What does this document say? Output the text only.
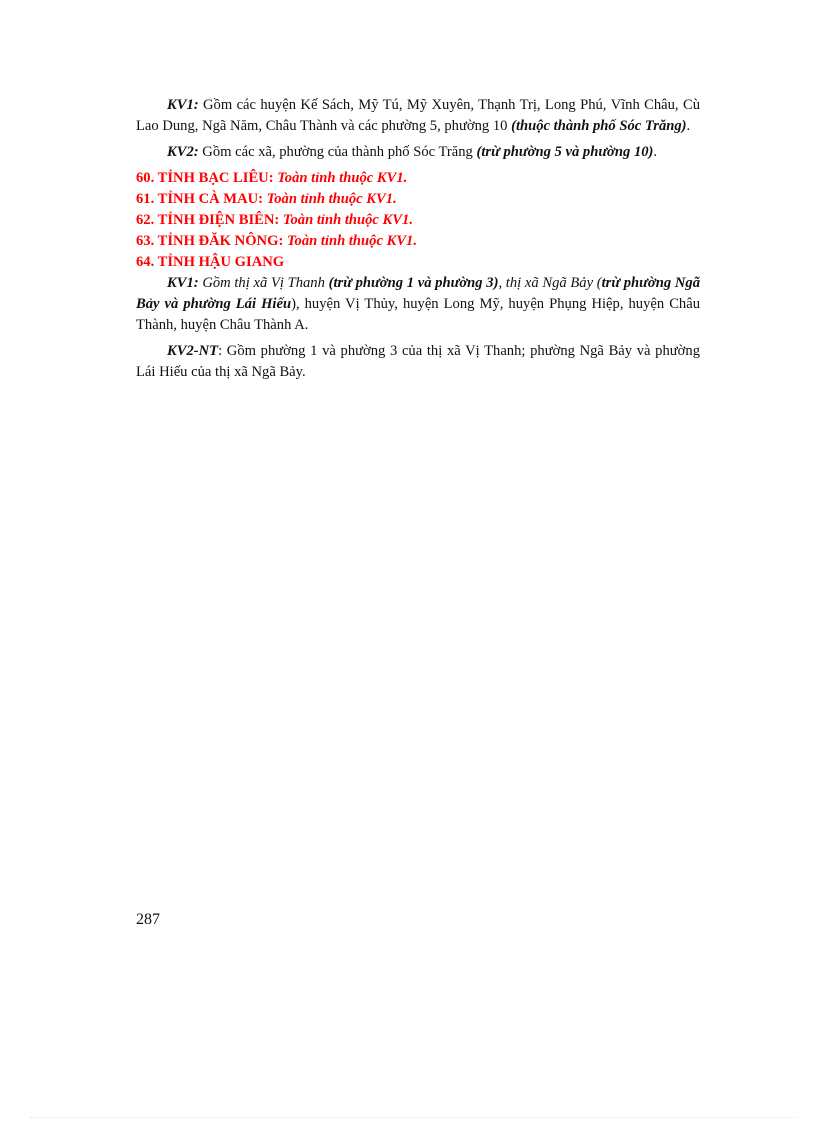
KV1: Gồm các huyện Kế Sách, Mỹ Tú, Mỹ Xuyên, Thạnh Trị, Long Phú, Vĩnh Châu, Cù Lao Dung, Ngã Năm, Châu Thành và các phường 5, phường 10 (thuộc thành phố Sóc Trăng).

KV2: Gồm các xã, phường của thành phố Sóc Trăng (trừ phường 5 và phường 10).

60. TỈNH BẠC LIÊU: Toàn tỉnh thuộc KV1.
61. TỈNH CÀ MAU: Toàn tỉnh thuộc KV1.
62. TỈNH ĐIỆN BIÊN: Toàn tỉnh thuộc KV1.
63. TỈNH ĐĂK NÔNG: Toàn tỉnh thuộc KV1.
64. TỈNH HẬU GIANG

KV1: Gồm thị xã Vị Thanh (trừ phường 1 và phường 3), thị xã Ngã Bảy (trừ phường Ngã Bảy và phường Lái Hiếu), huyện Vị Thủy, huyện Long Mỹ, huyện Phụng Hiệp, huyện Châu Thành, huyện Châu Thành A.

KV2-NT: Gồm phường 1 và phường 3 của thị xã Vị Thanh; phường Ngã Bảy và phường Lái Hiếu của thị xã Ngã Bảy.

287
